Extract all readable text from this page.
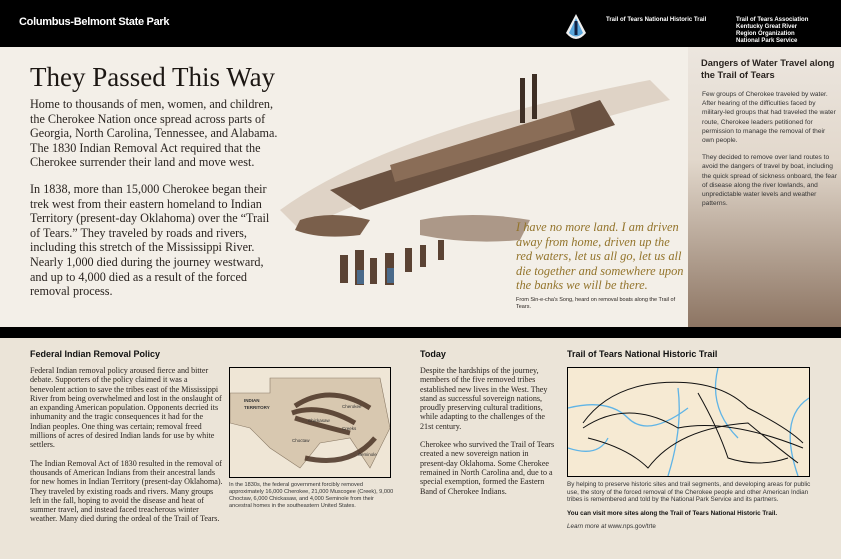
Columbus-Belmont State Park	Trail of Tears National Historic Trail	Trail of Tears Association
Kentucky Great River
Region Organization
National Park Service
They Passed This Way

Home to thousands of men, women, and children, the Cherokee Nation once spread across parts of Georgia, North Carolina, Tennessee, and Alabama. The 1830 Indian Removal Act required that the Cherokee surrender their land and move west.

In 1838, more than 15,000 Cherokee began their trek west from their eastern homeland to Indian Territory (present-day Oklahoma) over the “Trail of Tears.” They traveled by roads and rivers, including this stretch of the Mississippi River. Nearly 1,000 died during the journey westward, and up to 4,000 died as a result of the forced removal process.

I have no more land. I am driven away from home, driven up the red waters, let us all go, let us all die together and somewhere upon the banks we will be there.
From Sin-e-cha's Song, heard on removal boats along the Trail of Tears.
Dangers of Water Travel along the Trail of Tears

Few groups of Cherokee traveled by water. After hearing of the difficulties faced by military-led groups that had traveled the water route, Cherokee leaders petitioned for permission to manage the removal of their own people.

They decided to remove over land routes to avoid the dangers of travel by boat, including the quick spread of sickness onboard, the fear of disease along the river lowlands, and unpredictable water levels and weather patterns.

Federal Indian Removal Policy

Federal Indian removal policy aroused fierce and bitter debate. Supporters of the policy claimed it was a benevolent action to save the tribes east of the Mississippi River from being overwhelmed and lost in the onslaught of an expanding American population. Opponents decried its inhumanity and the tragic consequences it had for the Indian peoples. One thing was certain; removal freed millions of acres of desired Indian lands for use by white settlers.

The Indian Removal Act of 1830 resulted in the removal of thousands of American Indians from their ancestral lands for new homes in Indian Territory (present-day Oklahoma). They traveled by existing roads and rivers. Many groups left in the fall, hoping to avoid the disease and heat of summer travel, and instead faced treacherous winter weather. Many died during the ordeal of the Trail of Tears.

INDIAN TERRITORY	Cherokee
Creeks
Choctaw
Chickasaw
Seminole
In the 1830s, the federal government forcibly removed approximately 16,000 Cherokee, 21,000 Muscogee (Creek), 9,000 Choctaw, 6,000 Chickasaw, and 4,000 Seminole from their ancestral homes in the southeastern United States.
Today

Despite the hardships of the journey, members of the five removed tribes established new lives in the West. They stand as successful sovereign nations, proudly preserving cultural traditions, while adapting to the challenges of the 21st century.

Cherokee who survived the Trail of Tears created a new sovereign nation in present-day Oklahoma. Some Cherokee remained in North Carolina and, due to a special exemption, formed the Eastern Band of Cherokee Indians.

Trail of Tears National Historic Trail
By helping to preserve historic sites and trail segments, and developing areas for public use, the story of the forced removal of the Cherokee people and other American Indian tribes is remembered and told by the National Park Service and its partners.
You can visit more sites along the Trail of Tears National Historic Trail.
Learn more at www.nps.gov/trte
